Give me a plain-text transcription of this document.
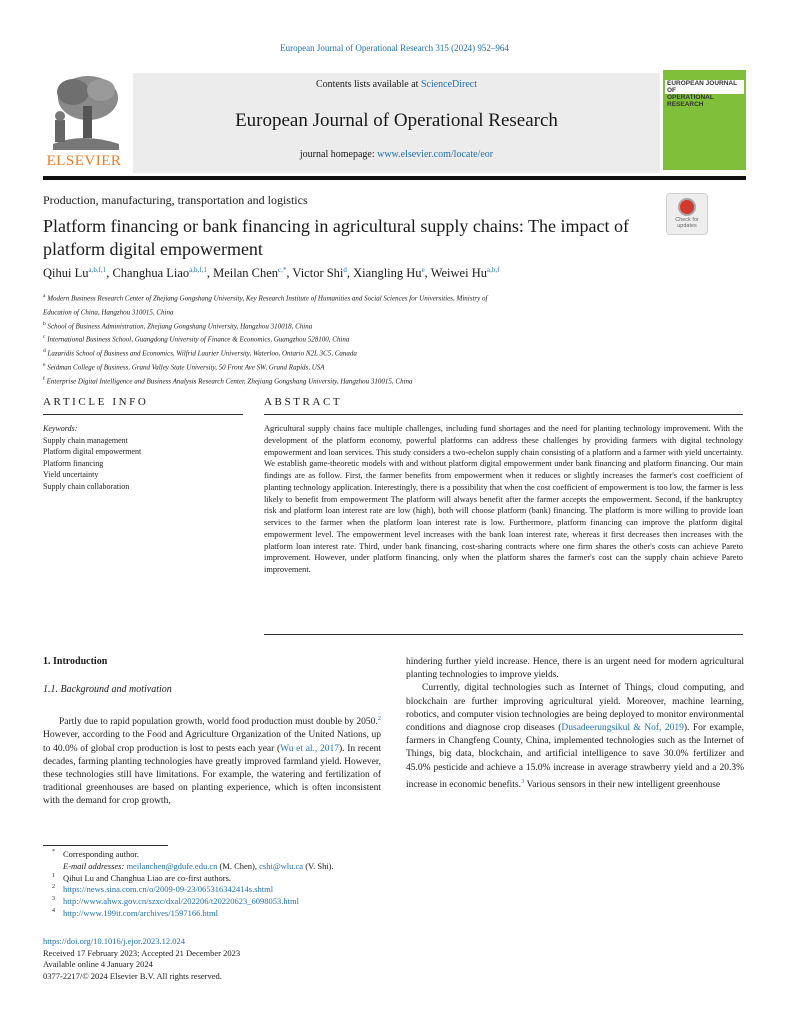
European Journal of Operational Research 315 (2024) 952–964
ELSEVIER
Contents lists available at ScienceDirect
European Journal of Operational Research
journal homepage: www.elsevier.com/locate/eor
EUROPEAN JOURNAL OF
OPERATIONAL RESEARCH
Production, manufacturing, transportation and logistics
Platform financing or bank financing in agricultural supply chains: The impact of platform digital empowerment
Check for
updates
Qihui Lu$^{a,b,f,1}$, Changhua Liao$^{a,b,f,1}$, Meilan Chen$^{c,*}$, Victor Shi$^d$, Xiangling Hu$^e$, Weiwei Hu$^{a,b,f}$
$^a$ Modern Business Research Center of Zhejiang Gongshang University, Key Research Institute of Humanities and Social Sciences for Universities, Ministry of
Education of China, Hangzhou 310015, China
$^b$ School of Business Administration, Zhejiang Gongshang University, Hangzhou 310018, China
$^c$ International Business School, Guangdong University of Finance & Economics, Guangzhou 528100, China
$^d$ Lazaridis School of Business and Economics, Wilfrid Laurier University, Waterloo, Ontario N2L 3C5, Canada
$^e$ Seidman College of Business, Grand Valley State University, 50 Front Ave SW, Grand Rapids, USA
$^f$ Enterprise Digital Intelligence and Business Analysis Research Center, Zhejiang Gongshang University, Hangzhou 310015, China
ARTICLE INFO	ABSTRACT
Keywords:
Supply chain management
Platform digital empowerment
Platform financing
Yield uncertainty
Supply chain collaboration
Agricultural supply chains face multiple challenges, including fund shortages and the need for planting technology improvement. With the development of the platform economy, powerful platforms can address these challenges by providing farmers with digital technology empowerment and loan services. This study considers a two-echelon supply chain consisting of a platform and a farmer with yield uncertainty. We establish game-theoretic models with and without platform digital empowerment under bank financing and platform financing. Our main findings are as follow. First, the farmer benefits from empowerment when it reduces or slightly increases the farmer's cost coefficient of planting technology application. Interestingly, there is a possibility that when the cost coefficient of empowerment is too low, the farmer is less likely to benefit from empowerment The platform will always benefit after the farmer accepts the empowerment. Second, if the bankruptcy risk and platform loan interest rate are low (high), both will choose platform (bank) financing. The platform is more willing to provide loan services to the farmer when the platform loan interest rate is low. Furthermore, platform financing can improve the platform digital empowerment level. The empowerment level increases with the bank loan interest rate, whereas it first decreases then increases with the platform loan interest rate. Third, under bank financing, cost-sharing contracts where one firm shares the other's costs can achieve Pareto improvement. However, under platform financing, only when the platform shares the farmer's cost can the supply chain achieve Pareto improvement.
1. Introduction
1.1. Background and motivation

Partly due to rapid population growth, world food production must double by 2050.$^2$ However, according to the Food and Agriculture Organization of the United Nations, up to 40.0% of global crop production is lost to pests each year (Wu et al., 2017). In recent decades, farming planting technologies have greatly improved farmland yield. However, these technologies still have limitations. For example, the watering and fertilization of traditional greenhouses are based on planting experience, which is often inconsistent with the demand for crop growth,

hindering further yield increase. Hence, there is an urgent need for modern agricultural planting technologies to improve yields.

Currently, digital technologies such as Internet of Things, cloud computing, and blockchain are further improving agricultural yield. Moreover, machine learning, robotics, and computer vision technologies are being deployed to monitor environmental conditions and diagnose crop diseases (Dusadeerungsikul & Nof, 2019). For example, farmers in Changfeng County, China, implemented technologies such as the Internet of Things, big data, blockchain, and artificial intelligence to save 30.0% fertilizer and 45.0% pesticide and achieve a 15.0% increase in average strawberry yield and a 20.3% increase in economic benefits.$^3$ Various sensors in their new intelligent greenhouse

* Corresponding author.
E-mail addresses: meilanchen@gdufe.edu.cn (M. Chen), cshi@wlu.ca (V. Shi).
1 Qihui Lu and Changhua Liao are co-first authors.
2 https://news.sina.com.cn/o/2009-09-23/065316342414s.shtml
3 http://www.ahwx.gov.cn/szxc/dxal/202206/t20220623_6098053.html
4 http://www.199it.com/archives/1597166.html
https://doi.org/10.1016/j.ejor.2023.12.024
Received 17 February 2023; Accepted 21 December 2023
Available online 4 January 2024
0377-2217/© 2024 Elsevier B.V. All rights reserved.
